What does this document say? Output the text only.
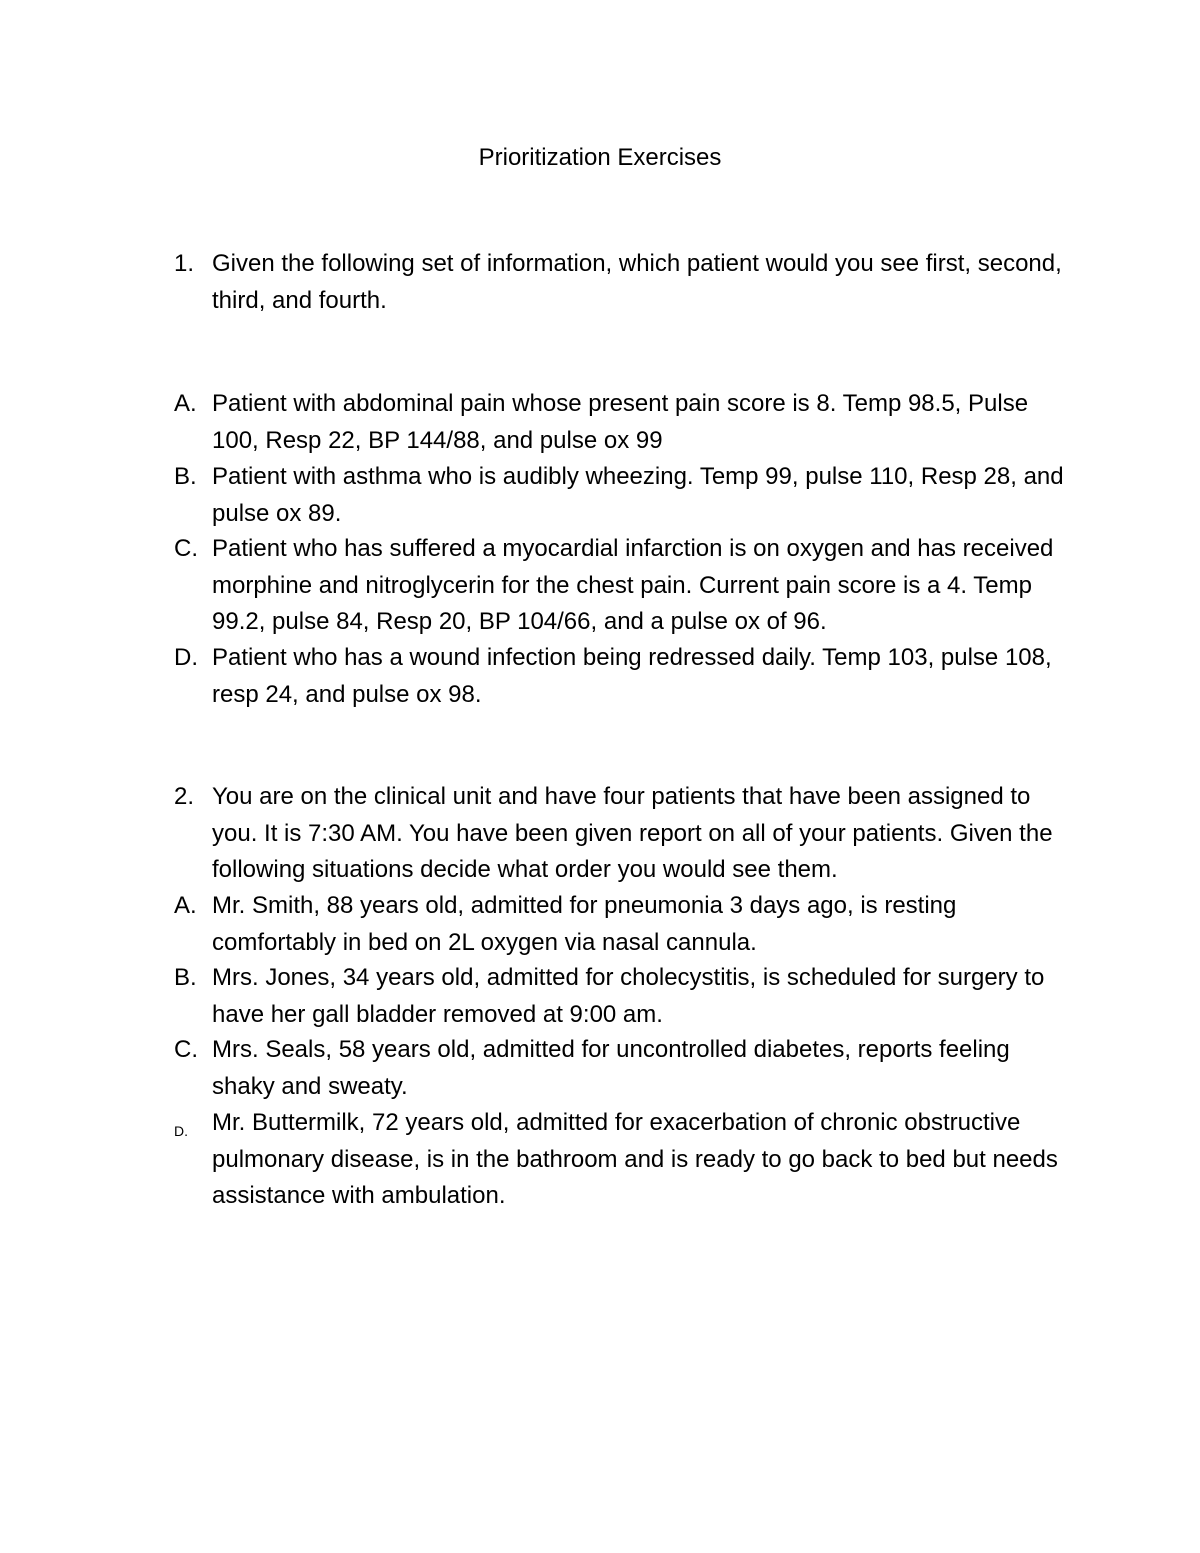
Prioritization Exercises
1. Given the following set of information, which patient would you see first, second, third, and fourth.
A. Patient with abdominal pain whose present pain score is 8. Temp 98.5, Pulse 100, Resp 22, BP 144/88, and pulse ox 99
B. Patient with asthma who is audibly wheezing. Temp 99, pulse 110, Resp 28, and pulse ox 89.
C. Patient who has suffered a myocardial infarction is on oxygen and has received morphine and nitroglycerin for the chest pain. Current pain score is a 4. Temp 99.2, pulse 84, Resp 20, BP 104/66, and a pulse ox of 96.
D. Patient who has a wound infection being redressed daily. Temp 103, pulse 108, resp 24, and pulse ox 98.
2. You are on the clinical unit and have four patients that have been assigned to you. It is 7:30 AM. You have been given report on all of your patients. Given the following situations decide what order you would see them.
A. Mr. Smith, 88 years old, admitted for pneumonia 3 days ago, is resting comfortably in bed on 2L oxygen via nasal cannula.
B. Mrs. Jones, 34 years old, admitted for cholecystitis, is scheduled for surgery to have her gall bladder removed at 9:00 am.
C. Mrs. Seals, 58 years old, admitted for uncontrolled diabetes, reports feeling shaky and sweaty.
D.	Mr. Buttermilk, 72 years old, admitted for exacerbation of chronic obstructive pulmonary disease, is in the bathroom and is ready to go back to bed but needs assistance with ambulation.
